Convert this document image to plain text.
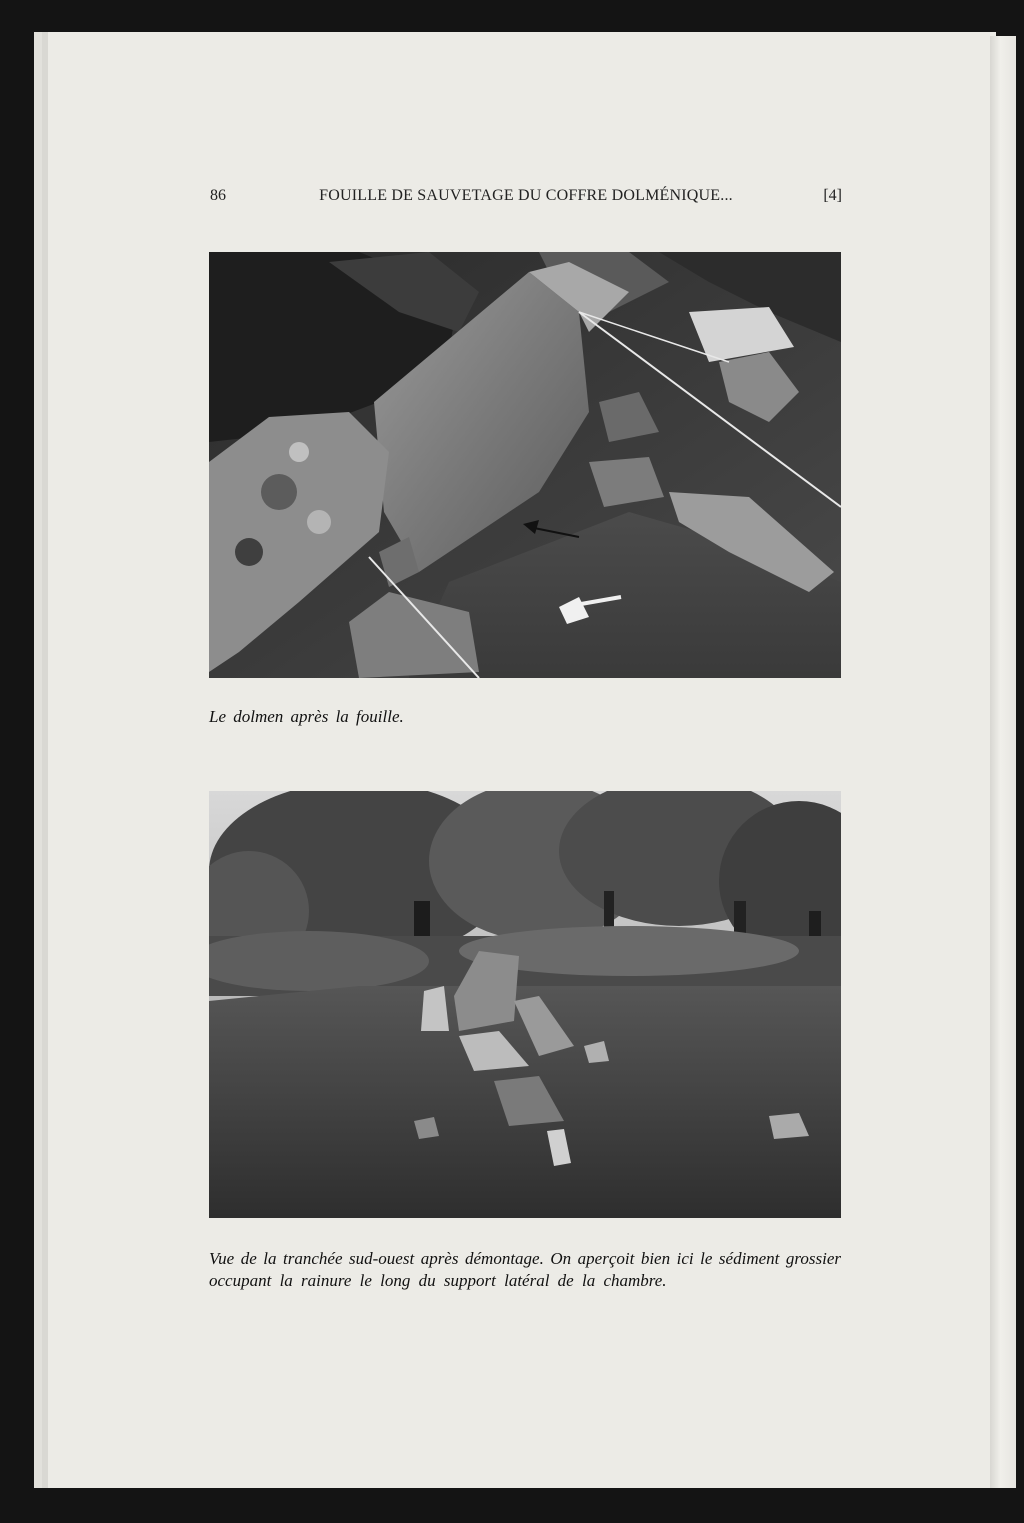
86	FOUILLE DE SAUVETAGE DU COFFRE DOLMÉNIQUE...	[4]
Le dolmen après la fouille.
Vue de la tranchée sud-ouest après démontage. On aperçoit bien ici le sédiment grossier
occupant la rainure le long du support latéral de la chambre.
